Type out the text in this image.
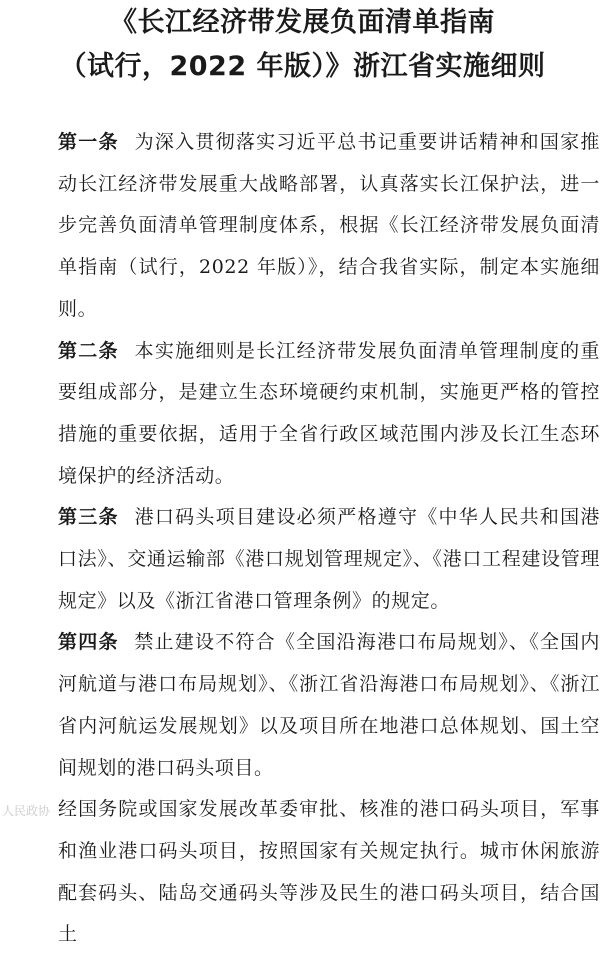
《长江经济带发展负面清单指南
（试行，2022 年版）》浙江省实施细则

第一条 为深入贯彻落实习近平总书记重要讲话精神和国家推动长江经济带发展重大战略部署，认真落实长江保护法，进一步完善负面清单管理制度体系，根据《长江经济带发展负面清单指南（试行，2022 年版）》，结合我省实际，制定本实施细则。

第二条 本实施细则是长江经济带发展负面清单管理制度的重要组成部分，是建立生态环境硬约束机制，实施更严格的管控措施的重要依据，适用于全省行政区域范围内涉及长江生态环境保护的经济活动。

第三条 港口码头项目建设必须严格遵守《中华人民共和国港口法》、交通运输部《港口规划管理规定》、《港口工程建设管理规定》以及《浙江省港口管理条例》的规定。

第四条 禁止建设不符合《全国沿海港口布局规划》、《全国内河航道与港口布局规划》、《浙江省沿海港口布局规划》、《浙江省内河航运发展规划》以及项目所在地港口总体规划、国土空间规划的港口码头项目。

经国务院或国家发展改革委审批、核准的港口码头项目，军事和渔业港口码头项目，按照国家有关规定执行。城市休闲旅游配套码头、陆岛交通码头等涉及民生的港口码头项目，结合国土

人民政协
